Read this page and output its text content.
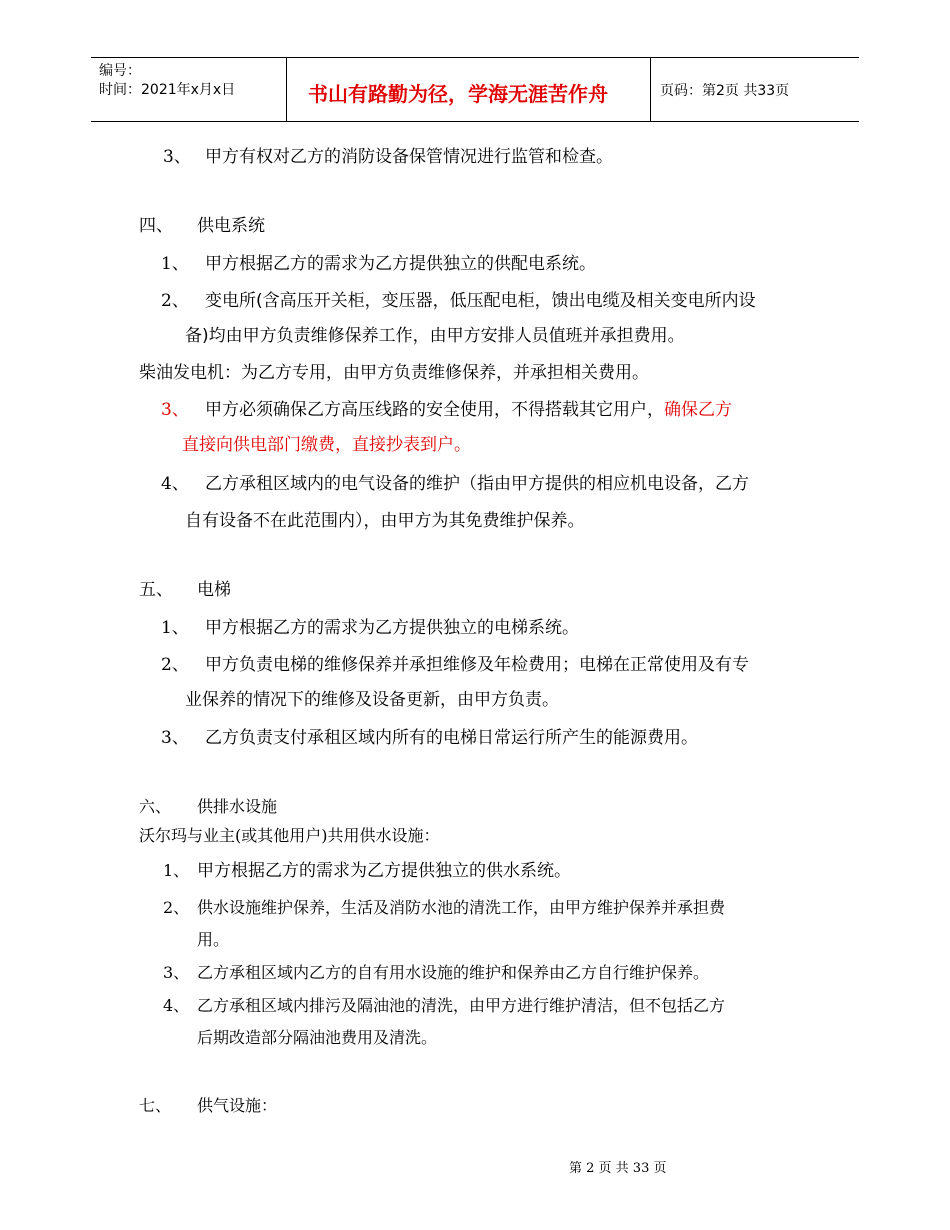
编号：
时间：2021年x月x日	书山有路勤为径，学海无涯苦作舟	页码：第2页 共33页
3、 甲方有权对乙方的消防设备保管情况进行监管和检查。
四、 供电系统
1、 甲方根据乙方的需求为乙方提供独立的供配电系统。
2、 变电所(含高压开关柜，变压器，低压配电柜，馈出电缆及相关变电所内设
备)均由甲方负责维修保养工作，由甲方安排人员值班并承担费用。
柴油发电机：为乙方专用，由甲方负责维修保养，并承担相关费用。
3、 甲方必须确保乙方高压线路的安全使用，不得搭载其它用户，确保乙方
直接向供电部门缴费，直接抄表到户。
4、 乙方承租区域内的电气设备的维护（指由甲方提供的相应机电设备，乙方
自有设备不在此范围内），由甲方为其免费维护保养。
五、 电梯
1、 甲方根据乙方的需求为乙方提供独立的电梯系统。
2、 甲方负责电梯的维修保养并承担维修及年检费用；电梯在正常使用及有专
业保养的情况下的维修及设备更新，由甲方负责。
3、 乙方负责支付承租区域内所有的电梯日常运行所产生的能源费用。
六、 供排水设施
沃尔玛与业主(或其他用户)共用供水设施：
1、 甲方根据乙方的需求为乙方提供独立的供水系统。
2、 供水设施维护保养，生活及消防水池的清洗工作，由甲方维护保养并承担费
用。
3、 乙方承租区域内乙方的自有用水设施的维护和保养由乙方自行维护保养。
4、 乙方承租区域内排污及隔油池的清洗，由甲方进行维护清洁，但不包括乙方
后期改造部分隔油池费用及清洗。
七、 供气设施：
第 2 页 共 33 页
